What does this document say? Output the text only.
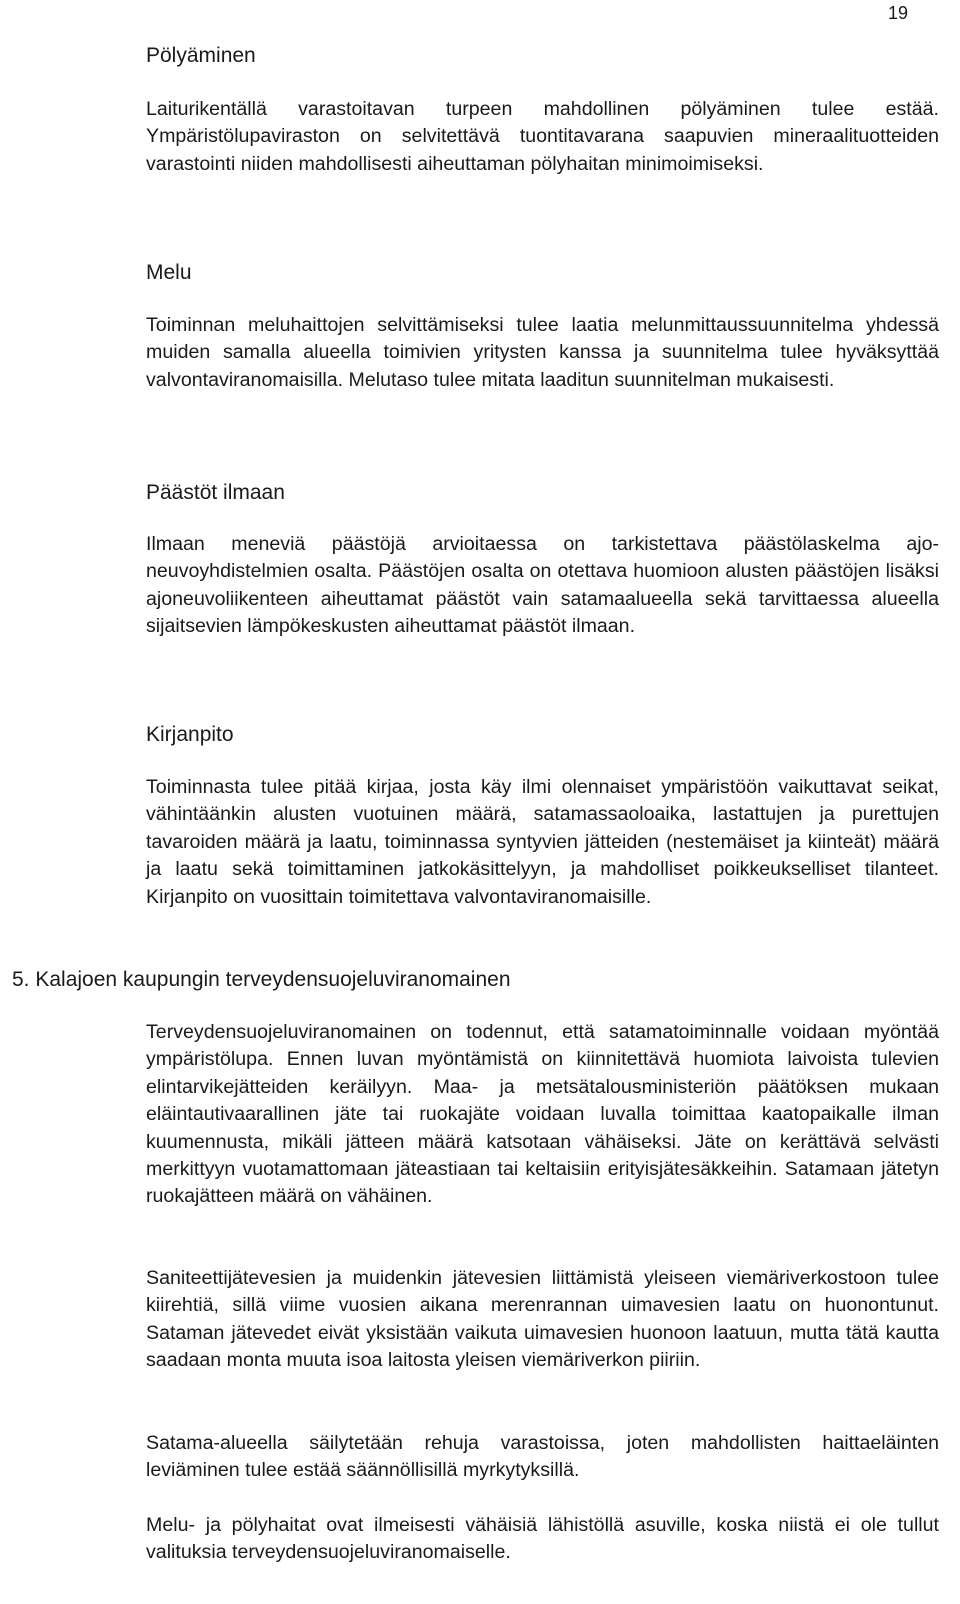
19
Pölyäminen

Laiturikentällä varastoitavan turpeen mahdollinen pölyäminen tulee estää. Ympäristölupaviraston on selvitettävä tuontitavarana saapuvien mineraalituotteiden varastointi niiden mahdollisesti aiheuttaman pölyhaitan minimoimiseksi.

Melu

Toiminnan meluhaittojen selvittämiseksi tulee laatia melunmittaussuunnitelma yhdessä muiden samalla alueella toimivien yritysten kanssa ja suunnitelma tulee hyväksyttää valvontaviranomaisilla. Melutaso tulee mitata laaditun suunnitelman mukaisesti.

Päästöt ilmaan

Ilmaan meneviä päästöjä arvioitaessa on tarkistettava päästölaskelma ajoneuvoyhdistelmien osalta. Päästöjen osalta on otettava huomioon alusten päästöjen lisäksi ajoneuvoliikenteen aiheuttamat päästöt vain satamaalueella sekä tarvittaessa alueella sijaitsevien lämpökeskusten aiheuttamat päästöt ilmaan.

Kirjanpito

Toiminnasta tulee pitää kirjaa, josta käy ilmi olennaiset ympäristöön vaikuttavat seikat, vähintäänkin alusten vuotuinen määrä, satamassaoloaika, lastattujen ja purettujen tavaroiden määrä ja laatu, toiminnassa syntyvien jätteiden (nestemäiset ja kiinteät) määrä ja laatu sekä toimittaminen jatkokäsittelyyn, ja mahdolliset poikkeukselliset tilanteet. Kirjanpito on vuosittain toimitettava valvontaviranomaisille.

5. Kalajoen kaupungin terveydensuojeluviranomainen

Terveydensuojeluviranomainen on todennut, että satamatoiminnalle voidaan myöntää ympäristölupa. Ennen luvan myöntämistä on kiinnitettävä huomiota laivoista tulevien elintarvikejätteiden keräilyyn. Maa- ja metsätalousministeriön päätöksen mukaan eläintautivaarallinen jäte tai ruokajäte voidaan luvalla toimittaa kaatopaikalle ilman kuumennusta, mikäli jätteen määrä katsotaan vähäiseksi. Jäte on kerättävä selvästi merkittyyn vuotamattomaan jäteastiaan tai keltaisiin erityisjätesäkkeihin. Satamaan jätetyn ruokajätteen määrä on vähäinen.

Saniteettijätevesien ja muidenkin jätevesien liittämistä yleiseen viemäriverkostoon tulee kiirehtiä, sillä viime vuosien aikana merenrannan uimavesien laatu on huonontunut. Sataman jätevedet eivät yksistään vaikuta uimavesien huonoon laatuun, mutta tätä kautta saadaan monta muuta isoa laitosta yleisen viemäriverkon piiriin.

Satama-alueella säilytetään rehuja varastoissa, joten mahdollisten haittaeläinten leviäminen tulee estää säännöllisillä myrkytyksillä.

Melu- ja pölyhaitat ovat ilmeisesti vähäisiä lähistöllä asuville, koska niistä ei ole tullut valituksia terveydensuojeluviranomaiselle.
